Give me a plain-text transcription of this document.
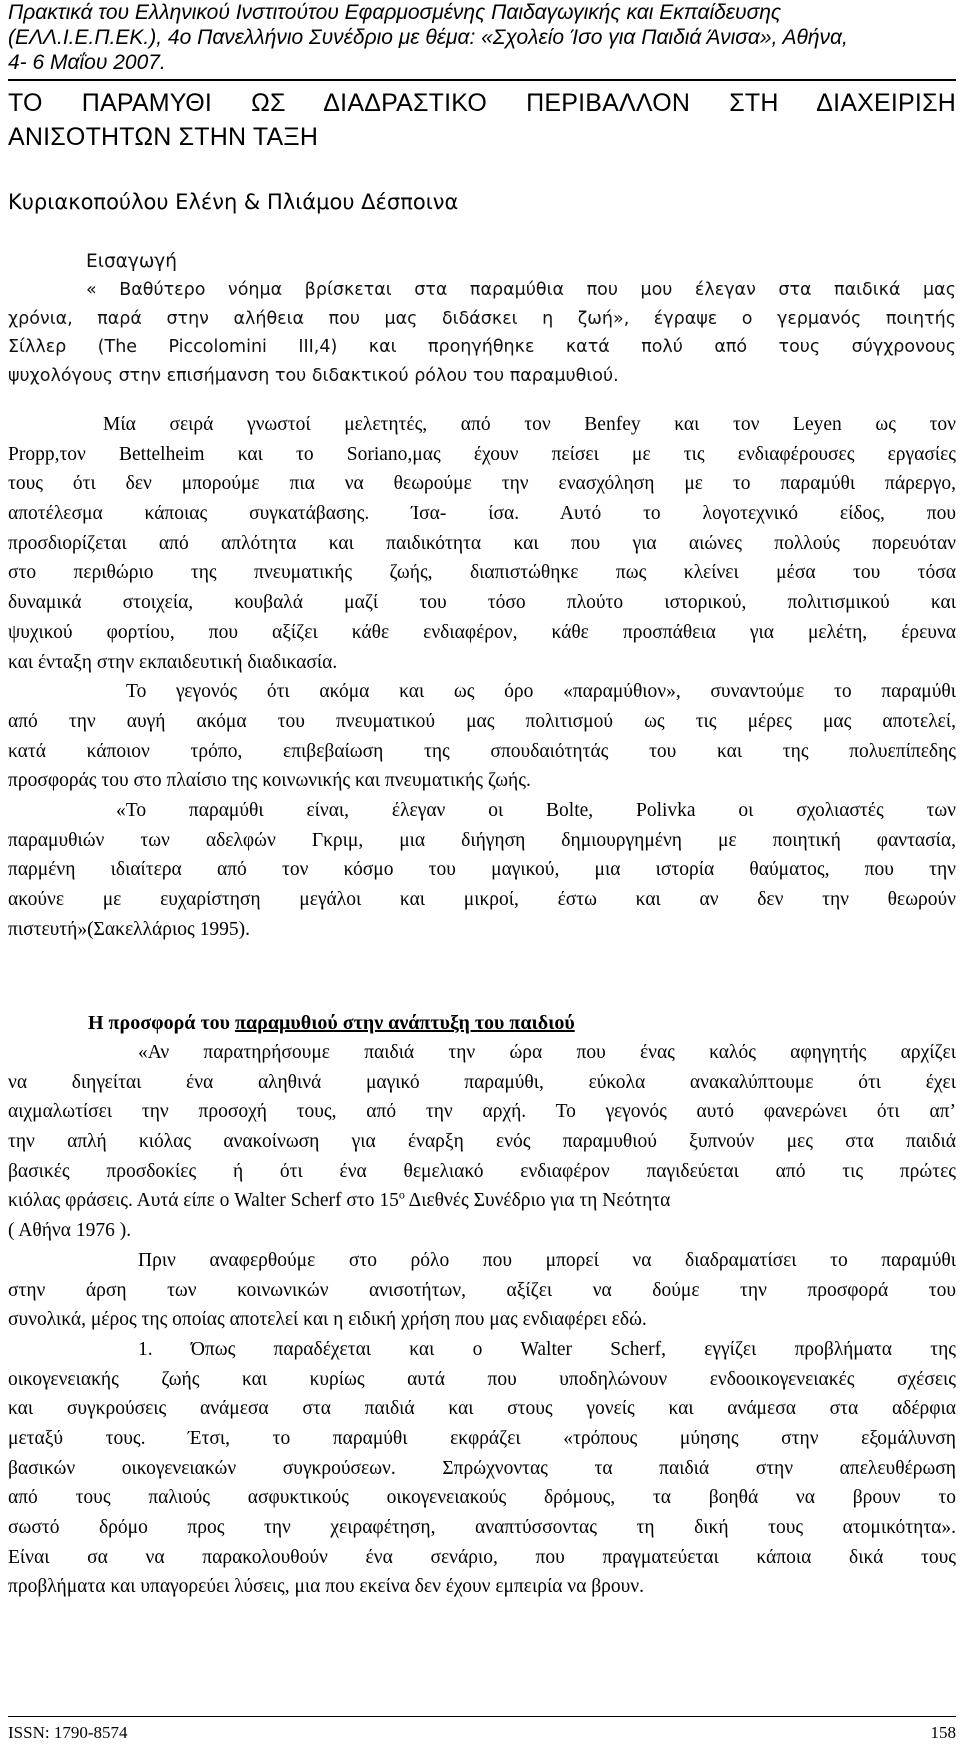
Πρακτικά του Ελληνικού Ινστιτούτου Εφαρμοσμένης Παιδαγωγικής και Εκπαίδευσης
(ΕΛΛ.Ι.Ε.Π.ΕΚ.), 4ο Πανελλήνιο Συνέδριο με θέμα: «Σχολείο Ίσο για Παιδιά Άνισα», Αθήνα,
4- 6 Μαΐου 2007.
ΤΟ ΠΑΡΑΜΥΘΙ ΩΣ ΔΙΑΔΡΑΣΤΙΚΟ ΠΕΡΙΒΑΛΛΟΝ ΣΤΗ ΔΙΑΧΕΙΡΙΣΗ
ΑΝΙΣΟΤΗΤΩΝ ΣΤΗΝ ΤΑΞΗ
Κυριακοπούλου Ελένη & Πλιάμου Δέσποινα
Εισαγωγή
« Βαθύτερο νόημα βρίσκεται στα παραμύθια που μου έλεγαν στα παιδικά μας
χρόνια, παρά στην αλήθεια που μας διδάσκει η ζωή», έγραψε ο γερμανός ποιητής
Σίλλερ (The Piccolomini III,4) και προηγήθηκε κατά πολύ από τους σύγχρονους
ψυχολόγους στην επισήμανση του διδακτικού ρόλου του παραμυθιού.
Μία σειρά γνωστοί μελετητές, από τον Benfey και τον Leyen ως τον
Propp,τον Bettelheim και το Soriano,μας έχουν πείσει με τις ενδιαφέρουσες εργασίες
τους ότι δεν μπορούμε πια να θεωρούμε την ενασχόληση με το παραμύθι πάρεργο,
αποτέλεσμα κάποιας συγκατάβασης. Ίσα- ίσα. Αυτό το λογοτεχνικό είδος, που
προσδιορίζεται από απλότητα και παιδικότητα και που για αιώνες πολλούς πορευόταν
στο περιθώριο της πνευματικής ζωής, διαπιστώθηκε πως κλείνει μέσα του τόσα
δυναμικά στοιχεία, κουβαλά μαζί του τόσο πλούτο ιστορικού, πολιτισμικού και
ψυχικού φορτίου, που αξίζει κάθε ενδιαφέρον, κάθε προσπάθεια για μελέτη, έρευνα
και ένταξη στην εκπαιδευτική διαδικασία.
Το γεγονός ότι ακόμα και ως όρο «παραμύθιον», συναντούμε το παραμύθι
από την αυγή ακόμα του πνευματικού μας πολιτισμού ως τις μέρες μας αποτελεί,
κατά κάποιον τρόπο, επιβεβαίωση της σπουδαιότητάς του και της πολυεπίπεδης
προσφοράς του στο πλαίσιο της κοινωνικής και πνευματικής ζωής.
«Το παραμύθι είναι, έλεγαν οι Bolte, Polivka οι σχολιαστές των
παραμυθιών των αδελφών Γκριμ, μια διήγηση δημιουργημένη με ποιητική φαντασία,
παρμένη ιδιαίτερα από τον κόσμο του μαγικού, μια ιστορία θαύματος, που την
ακούνε με ευχαρίστηση μεγάλοι και μικροί, έστω και αν δεν την θεωρούν
πιστευτή»(Σακελλάριος 1995).
Η προσφορά του παραμυθιού στην ανάπτυξη του παιδιού
«Αν παρατηρήσουμε παιδιά την ώρα που ένας καλός αφηγητής αρχίζει
να διηγείται ένα αληθινά μαγικό παραμύθι, εύκολα ανακαλύπτουμε ότι έχει
αιχμαλωτίσει την προσοχή τους, από την αρχή. Το γεγονός αυτό φανερώνει ότι απ’
την απλή κιόλας ανακοίνωση για έναρξη ενός παραμυθιού ξυπνούν μες στα παιδιά
βασικές προσδοκίες ή ότι ένα θεμελιακό ενδιαφέρον παγιδεύεται από τις πρώτες
κιόλας φράσεις. Αυτά είπε ο Walter Scherf στο $15^o$ Διεθνές Συνέδριο για τη Νεότητα
( Αθήνα 1976 ).
Πριν αναφερθούμε στο ρόλο που μπορεί να διαδραματίσει το παραμύθι
στην άρση των κοινωνικών ανισοτήτων, αξίζει να δούμε την προσφορά του
συνολικά, μέρος της οποίας αποτελεί και η ειδική χρήση που μας ενδιαφέρει εδώ.
1. Όπως παραδέχεται και ο Walter Scherf, εγγίζει προβλήματα της
οικογενειακής ζωής και κυρίως αυτά που υποδηλώνουν ενδοοικογενειακές σχέσεις
και συγκρούσεις ανάμεσα στα παιδιά και στους γονείς και ανάμεσα στα αδέρφια
μεταξύ τους. Έτσι, το παραμύθι εκφράζει «τρόπους μύησης στην εξομάλυνση
βασικών οικογενειακών συγκρούσεων. Σπρώχνοντας τα παιδιά στην απελευθέρωση
από τους παλιούς ασφυκτικούς οικογενειακούς δρόμους, τα βοηθά να βρουν το
σωστό δρόμο προς την χειραφέτηση, αναπτύσσοντας τη δική τους ατομικότητα».
Είναι σα να παρακολουθούν ένα σενάριο, που πραγματεύεται κάποια δικά τους
προβλήματα και υπαγορεύει λύσεις, μια που εκείνα δεν έχουν εμπειρία να βρουν.
ISSN: 1790-8574	158
